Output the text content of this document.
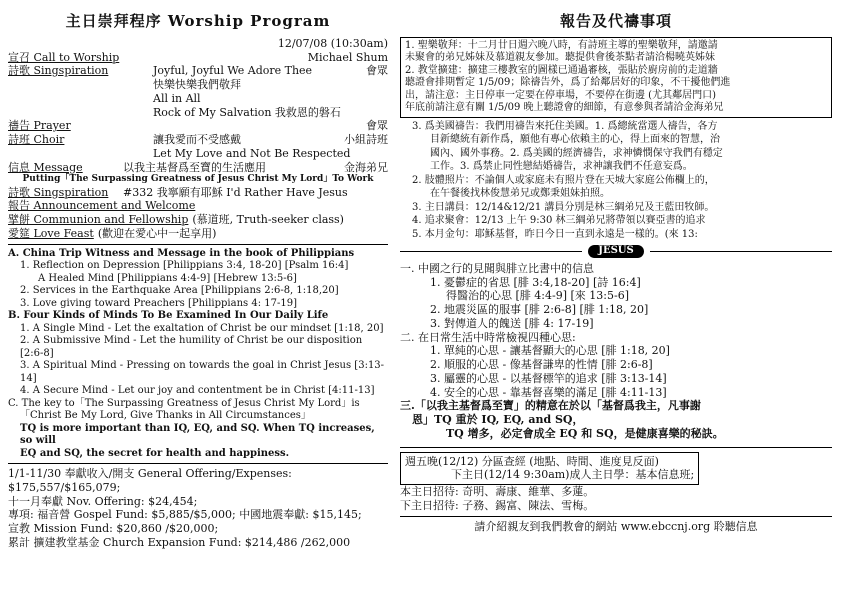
主日崇拜程序 Worship Program
12/07/08 (10:30am)
宣召 Call to Worship	Michael Shum
詩歌 Singspiration	Joyful, Joyful We Adore Thee	會眾
快樂快樂我們敬拜
All in All
Rock of My Salvation 我救恩的磐石
禱告 Prayer	會眾
詩班 Choir	讓我愛而不受感戴	小組詩班
Let My Love and Not Be Respected
信息 Message	以我主基督爲至寶的生活應用	金海弟兄
Putting「The Surpassing Greatness of Jesus Christ My Lord」To Work
詩歌 Singspiration	#332 我寧願有耶穌 I'd Rather Have Jesus
報告 Announcement and Welcome
擘餅 Communion and Fellowship (慕道班, Truth-seeker class)
愛筵 Love Feast (歡迎在愛心中一起享用)
A. China Trip Witness and Message in the book of Philippians
1. Reflection on Depression [Philippians 3:4, 18-20] [Psalm 16:4]
A Healed Mind [Philippians 4:4-9] [Hebrew 13:5-6]
2. Services in the Earthquake Area [Philippians 2:6-8, 1:18,20]
3. Love giving toward Preachers [Philippians 4: 17-19]
B. Four Kinds of Minds To Be Examined In Our Daily Life
1. A Single Mind - Let the exaltation of Christ be our mindset [1:18, 20]
2. A Submissive Mind - Let the humility of Christ be our disposition [2:6-8]
3. A Spiritual Mind - Pressing on towards the goal in Christ Jesus [3:13-14]
4. A Secure Mind - Let our joy and contentment be in Christ [4:11-13]
C. The key to「The Surpassing Greatness of Jesus Christ My Lord」is
「Christ Be My Lord, Give Thanks in All Circumstances」
TQ is more important than IQ, EQ, and SQ. When TQ increases, so will
EQ and SQ, the secret for health and happiness.
1/1-11/30 奉獻收入/開支 General Offering/Expenses: $175,557/$165,079;
十一月奉獻 Nov. Offering: $24,454;
專項: 福音營 Gospel Fund: $5,885/$5,000; 中國地震奉獻: $15,145;
宣教 Mission Fund: $20,860 /$20,000;
累計 擴建教堂基金 Church Expansion Fund: $214,486 /262,000
報告及代禱事項
1. 聖樂敬拜：十二月廿日週六晚八時，有詩班主導的聖樂敬拜，請邀請
未聚會的弟兄姊妹及慕道親友參加。聽提供會後茶點者請洽楊曉英姊妹
2. 教堂擴建：擴建三樓教室的圖樣已通過審核，張貼於廚房前的走道牆
聽證會排期暫定 1/5/09；除禱告外，爲了給鄰居好的印象，不干擾他們進
出，請注意：主日停車一定要在停車場，不要停在街邊 (尤其鄰居門口)
年底前請注意有關 1/5/09 晚上聽證會的細節，有意參與者請洽金海弟兄
3. 爲美國禱告：我們用禱告來托住美國。1. 爲總統當選人禱告，各方
目新總統有新作爲，願他有專心依賴主的心，得上面來的智慧，治
國內、國外事務。2. 爲美國的經濟禱告，求神憐憫保守我們有穩定
工作。3. 爲禁止同性戀結婚禱告，求神讓我們不任意妄爲。
2. 肢體照片：不論個人或家庭未有照片登在天城大家庭公佈欄上的，
在午餐後找林俊慧弟兄或鄭秉姐妹拍照。
3. 主日講員：12/14&12/21 講員分別是林三綱弟兄及王藍田牧師。
4. 追求聚會：12/13 上午 9:30 林三綱弟兄將帶領以賽亞書的追求
5. 本月金句：耶穌基督，昨日今日一直到永遠是一樣的。(來 13:
JESUS
一. 中國之行的見聞與腓立比書中的信息
1. 憂鬱症的省思 [腓 3:4,18-20] [詩 16:4]
得醫治的心思 [腓 4:4-9] [來 13:5-6]
2. 地震災區的服事 [腓 2:6-8] [腓 1:18, 20]
3. 對傳道人的餽送 [腓 4: 17-19]
二. 在日常生活中時常檢視四種心思:
1. 單純的心思 - 讓基督顯大的心思 [腓 1:18, 20]
2. 順服的心思 - 像基督謙卑的性情 [腓 2:6-8]
3. 屬靈的心思 - 以基督標竿的追求 [腓 3:13-14]
4. 安全的心思 - 靠基督喜樂的滿足 [腓 4:11-13]
三.「以我主基督爲至寶」的精意在於以「基督爲我主，凡事謝
恩」TQ 重於 IQ, EQ, and SQ，
TQ 增多，必定會成全 EQ 和 SQ，是健康喜樂的秘訣。
週五晚(12/12) 分區查經 (地點、時間、進度見反面)
下主日(12/14 9:30am)成人主日學：基本信息班;
本主日招待: 奇明、壽康、維華、多蓮。
下主日招待: 子務、錫富、陳法、雪梅。
請介紹親友到我們教會的網站 www.ebccnj.org 聆聽信息
